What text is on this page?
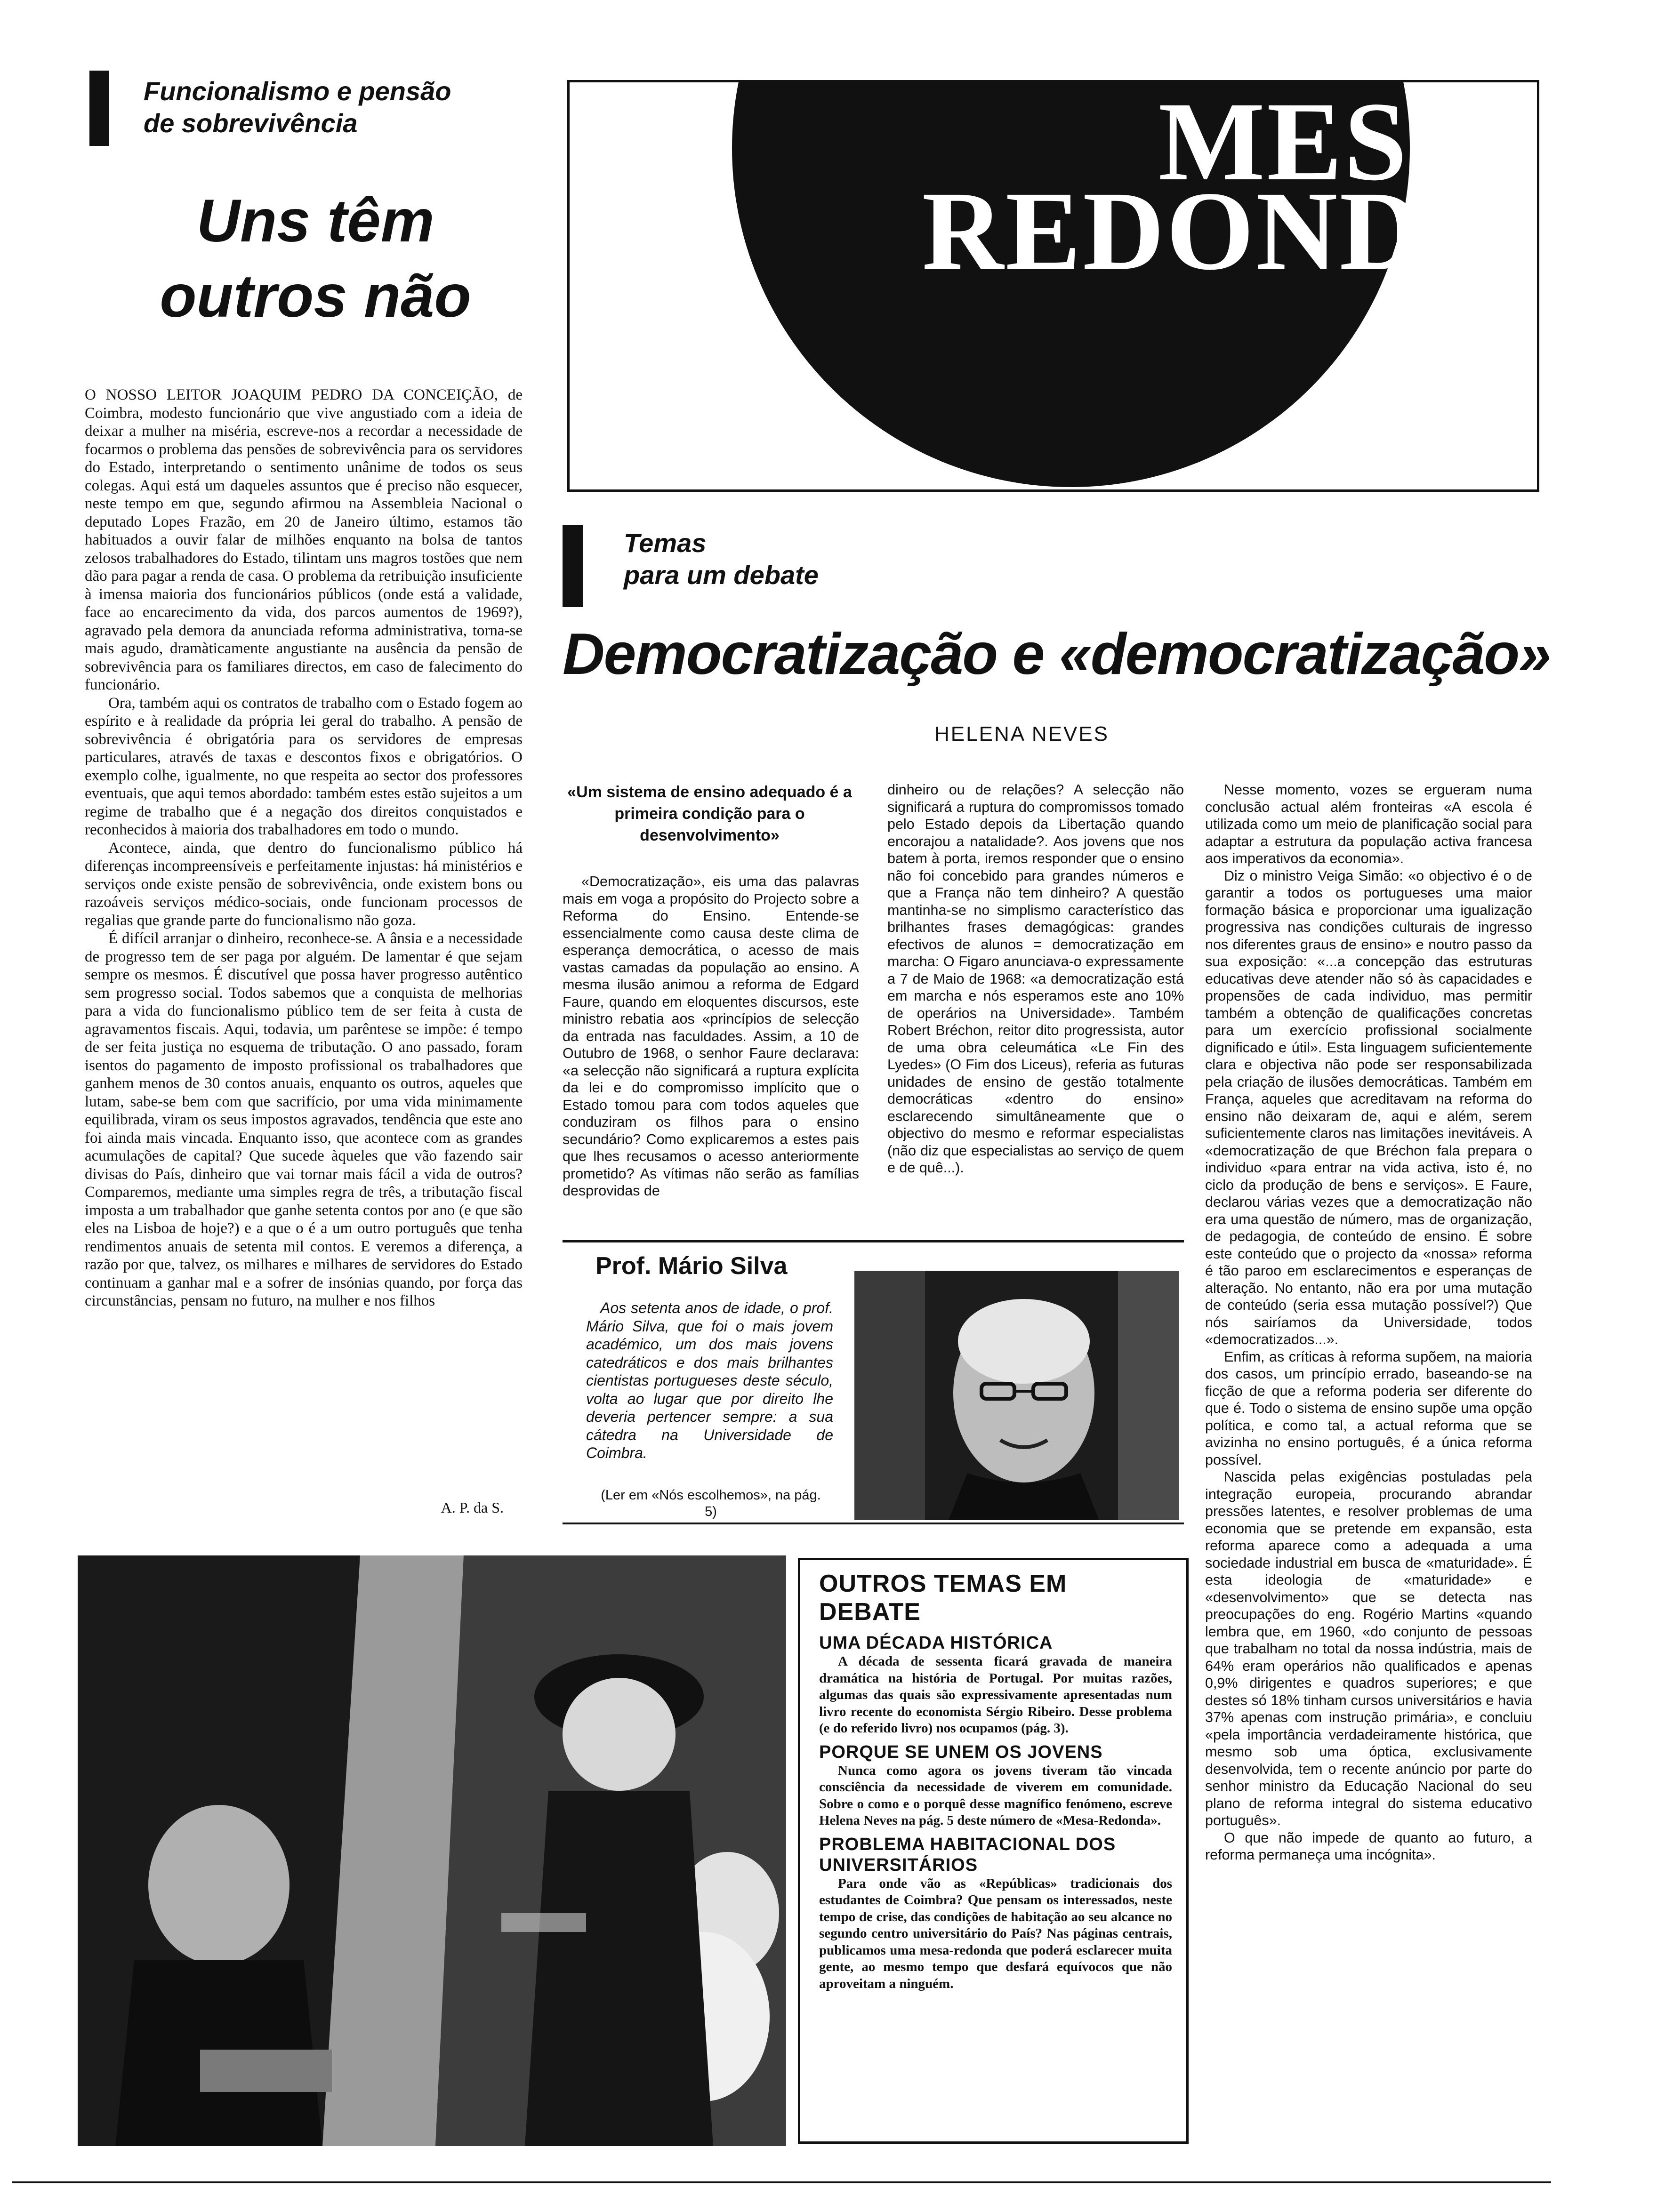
Funcionalismo e pensão de sobrevivência

Uns têm

outros não

O NOSSO LEITOR JOAQUIM PEDRO DA CONCEIÇÃO, de Coimbra, modesto funcionário que vive angustiado com a ideia de deixar a mulher na miséria, escreve-nos a recordar a necessidade de focarmos o problema das pensões de sobrevivência para os servidores do Estado, interpretando o sentimento unânime de todos os seus colegas. Aqui está um daqueles assuntos que é preciso não esquecer, neste tempo em que, segundo afirmou na Assembleia Nacional o deputado Lopes Frazão, em 20 de Janeiro último, estamos tão habituados a ouvir falar de milhões enquanto na bolsa de tantos zelosos trabalhadores do Estado, tilintam uns magros tostões que nem dão para pagar a renda de casa. O problema da retribuição insuficiente à imensa maioria dos funcionários públicos (onde está a validade, face ao encarecimento da vida, dos parcos aumentos de 1969?), agravado pela demora da anunciada reforma administrativa, torna-se mais agudo, dramàticamente angustiante na ausência da pensão de sobrevivência para os familiares directos, em caso de falecimento do funcionário.

Ora, também aqui os contratos de trabalho com o Estado fogem ao espírito e à realidade da própria lei geral do trabalho. A pensão de sobrevivência é obrigatória para os servidores de empresas particulares, através de taxas e descontos fixos e obrigatórios. O exemplo colhe, igualmente, no que respeita ao sector dos professores eventuais, que aqui temos abordado: também estes estão sujeitos a um regime de trabalho que é a negação dos direitos conquistados e reconhecidos à maioria dos trabalhadores em todo o mundo.

Acontece, ainda, que dentro do funcionalismo público há diferenças incompreensíveis e perfeitamente injustas: há ministérios e serviços onde existe pensão de sobrevivência, onde existem bons ou razoáveis serviços médico-sociais, onde funcionam processos de regalias que grande parte do funcionalismo não goza.

É difícil arranjar o dinheiro, reconhece-se. A ânsia e a necessidade de progresso tem de ser paga por alguém. De lamentar é que sejam sempre os mesmos. É discutível que possa haver progresso autêntico sem progresso social. Todos sabemos que a conquista de melhorias para a vida do funcionalismo público tem de ser feita à custa de agravamentos fiscais. Aqui, todavia, um parêntese se impõe: é tempo de ser feita justiça no esquema de tributação. O ano passado, foram isentos do pagamento de imposto profissional os trabalhadores que ganhem menos de 30 contos anuais, enquanto os outros, aqueles que lutam, sabe-se bem com que sacrifício, por uma vida minimamente equilibrada, viram os seus impostos agravados, tendência que este ano foi ainda mais vincada. Enquanto isso, que acontece com as grandes acumulações de capital? Que sucede àqueles que vão fazendo sair divisas do País, dinheiro que vai tornar mais fácil a vida de outros? Comparemos, mediante uma simples regra de três, a tributação fiscal imposta a um trabalhador que ganhe setenta contos por ano (e que são eles na Lisboa de hoje?) e a que o é a um outro português que tenha rendimentos anuais de setenta mil contos. E veremos a diferença, a razão por que, talvez, os milhares e milhares de servidores do Estado continuam a ganhar mal e a sofrer de insónias quando, por força das circunstâncias, pensam no futuro, na mulher e nos filhos

A. P. da S.

MESA
REDONDA

Temas

para um debate

Democratização e «democratização»

HELENA NEVES

«Um sistema de ensino adequado é a primeira condição para o desenvolvimento»

«Democratização», eis uma das palavras mais em voga a propósito do Projecto sobre a Reforma do Ensino. Entende-se essencialmente como causa deste clima de esperança democrática, o acesso de mais vastas camadas da população ao ensino. A mesma ilusão animou a reforma de Edgard Faure, quando em eloquentes discursos, este ministro rebatia aos «princípios de selecção da entrada nas faculdades. Assim, a 10 de Outubro de 1968, o senhor Faure declarava: «a selecção não significará a ruptura explícita da lei e do compromisso implícito que o Estado tomou para com todos aqueles que conduziram os filhos para o ensino secundário? Como explicaremos a estes pais que lhes recusamos o acesso anteriormente prometido? As vítimas não serão as famílias desprovidas de

dinheiro ou de relações? A selecção não significará a ruptura do compromissos tomado pelo Estado depois da Libertação quando encorajou a natalidade?. Aos jovens que nos batem à porta, iremos responder que o ensino não foi concebido para grandes números e que a França não tem dinheiro? A questão mantinha-se no simplismo característico das brilhantes frases demagógicas: grandes efectivos de alunos = democratização em marcha: O Figaro anunciava-o expressamente a 7 de Maio de 1968: «a democratização está em marcha e nós esperamos este ano 10% de operários na Universidade». Também Robert Bréchon, reitor dito progressista, autor de uma obra celeumática «Le Fin des Lyedes» (O Fim dos Liceus), referia as futuras unidades de ensino de gestão totalmente democráticas «dentro do ensino» esclarecendo simultâneamente que o objectivo do mesmo e reformar especialistas (não diz que especialistas ao serviço de quem e de quê...).

Nesse momento, vozes se ergueram numa conclusão actual além fronteiras «A escola é utilizada como um meio de planificação social para adaptar a estrutura da população activa francesa aos imperativos da economia».

Diz o ministro Veiga Simão: «o objectivo é o de garantir a todos os portugueses uma maior formação básica e proporcionar uma igualização progressiva nas condições culturais de ingresso nos diferentes graus de ensino» e noutro passo da sua exposição: «...a concepção das estruturas educativas deve atender não só às capacidades e propensões de cada individuo, mas permitir também a obtenção de qualificações concretas para um exercício profissional socialmente dignificado e útil». Esta linguagem suficientemente clara e objectiva não pode ser responsabilizada pela criação de ilusões democráticas. Também em França, aqueles que acreditavam na reforma do ensino não deixaram de, aqui e além, serem suficientemente claros nas limitações inevitáveis. A «democratização de que Bréchon fala prepara o individuo «para entrar na vida activa, isto é, no ciclo da produção de bens e serviços». E Faure, declarou várias vezes que a democratização não era uma questão de número, mas de organização, de pedagogia, de conteúdo de ensino. É sobre este conteúdo que o projecto da «nossa» reforma é tão paroo em esclarecimentos e esperanças de alteração. No entanto, não era por uma mutação de conteúdo (seria essa mutação possível?) Que nós sairíamos da Universidade, todos «democratizados...».

Enfim, as críticas à reforma supõem, na maioria dos casos, um princípio errado, baseando-se na ficção de que a reforma poderia ser diferente do que é. Todo o sistema de ensino supõe uma opção política, e como tal, a actual reforma que se avizinha no ensino português, é a única reforma possível.

Nascida pelas exigências postuladas pela integração europeia, procurando abrandar pressões latentes, e resolver problemas de uma economia que se pretende em expansão, esta reforma aparece como a adequada a uma sociedade industrial em busca de «maturidade». É esta ideologia de «maturidade» e «desenvolvimento» que se detecta nas preocupações do eng. Rogério Martins «quando lembra que, em 1960, «do conjunto de pessoas que trabalham no total da nossa indústria, mais de 64% eram operários não qualificados e apenas 0,9% dirigentes e quadros superiores; e que destes só 18% tinham cursos universitários e havia 37% apenas com instrução primária», e concluiu «pela importância verdadeiramente histórica, que mesmo sob uma óptica, exclusivamente desenvolvida, tem o recente anúncio por parte do senhor ministro da Educação Nacional do seu plano de reforma integral do sistema educativo português».

O que não impede de quanto ao futuro, a reforma permaneça uma incógnita».

Prof. Mário Silva

Aos setenta anos de idade, o prof. Mário Silva, que foi o mais jovem académico, um dos mais jovens catedráticos e dos mais brilhantes cientistas portugueses deste século, volta ao lugar que por direito lhe deveria pertencer sempre: a sua cátedra na Universidade de Coimbra.

(Ler em «Nós escolhemos», na pág. 5)

OUTROS TEMAS EM DEBATE
UMA DÉCADA HISTÓRICA

A década de sessenta ficará gravada de maneira dramática na história de Portugal. Por muitas razões, algumas das quais são expressivamente apresentadas num livro recente do economista Sérgio Ribeiro. Desse problema (e do referido livro) nos ocupamos (pág. 3).

PORQUE SE UNEM OS JOVENS

Nunca como agora os jovens tiveram tão vincada consciência da necessidade de viverem em comunidade. Sobre o como e o porquê desse magnífico fenómeno, escreve Helena Neves na pág. 5 deste número de «Mesa-Redonda».

PROBLEMA HABITACIONAL DOS UNIVERSITÁRIOS

Para onde vão as «Repúblicas» tradicionais dos estudantes de Coimbra? Que pensam os interessados, neste tempo de crise, das condições de habitação ao seu alcance no segundo centro universitário do País? Nas páginas centrais, publicamos uma mesa-redonda que poderá esclarecer muita gente, ao mesmo tempo que desfará equívocos que não aproveitam a ninguém.
